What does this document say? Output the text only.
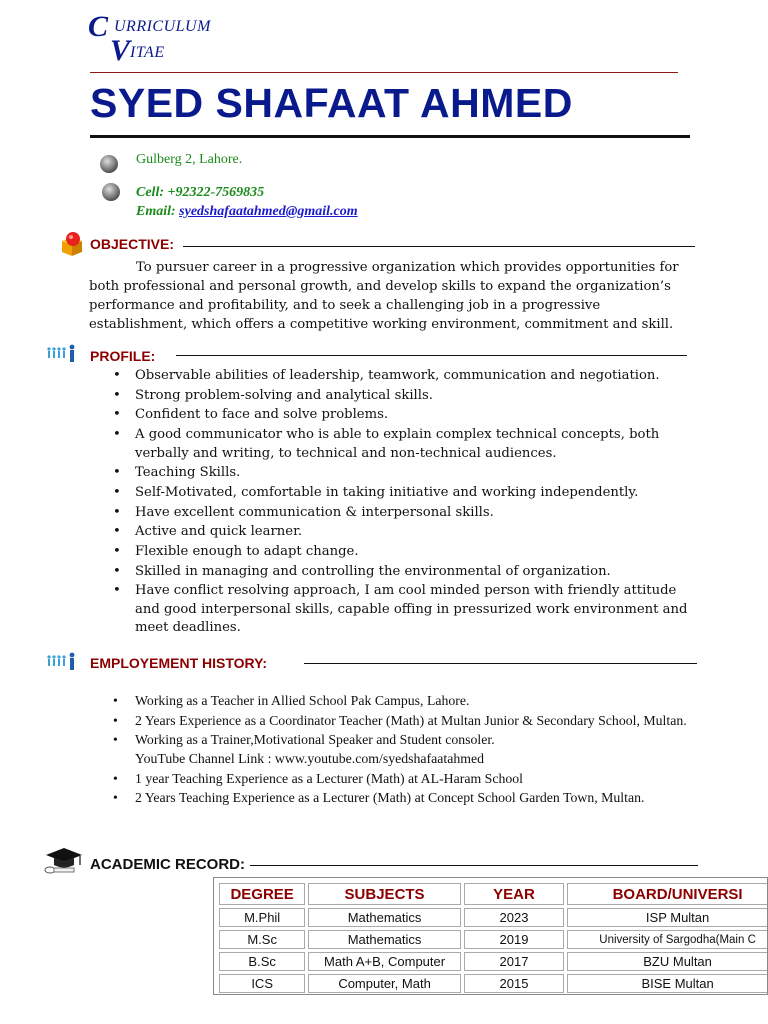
C URRICULUM
V ITAE
SYED SHAFAAT AHMED
Gulberg 2, Lahore.
Cell: +92322-7569835
Email: syedshafaatahmed@gmail.com
OBJECTIVE:
To pursuer career in a progressive organization which provides opportunities for both professional and personal growth, and develop skills to expand the organization’s performance and profitability, and to seek a challenging job in a progressive establishment, which offers a competitive working environment, commitment and skill.
PROFILE:
• Observable abilities of leadership, teamwork, communication and negotiation.
• Strong problem-solving and analytical skills.
• Confident to face and solve problems.
• A good communicator who is able to explain complex technical concepts, both verbally and writing, to technical and non-technical audiences.
• Teaching Skills.
• Self-Motivated, comfortable in taking initiative and working independently.
• Have excellent communication & interpersonal skills.
• Active and quick learner.
• Flexible enough to adapt change.
• Skilled in managing and controlling the environmental of organization.
• Have conflict resolving approach, I am cool minded person with friendly attitude and good interpersonal skills, capable offing in pressurized work environment and meet deadlines.
EMPLOYEMENT HISTORY:
• Working as a Teacher in Allied School Pak Campus, Lahore.
• 2 Years Experience as a Coordinator Teacher (Math) at Multan Junior & Secondary School, Multan.
• Working as a Trainer,Motivational Speaker and Student consoler.
YouTube Channel Link : www.youtube.com/syedshafaatahmed
• 1 year Teaching Experience as a Lecturer (Math) at AL-Haram School
• 2 Years Teaching Experience as a Lecturer (Math) at Concept School Garden Town, Multan.
ACADEMIC RECORD:
DEGREE	SUBJECTS	YEAR	BOARD/UNIVERSI
M.Phil	Mathematics	2023	ISP Multan
M.Sc	Mathematics	2019	University of Sargodha(Main C
B.Sc	Math A+B, Computer	2017	BZU Multan
ICS	Computer, Math	2015	BISE Multan
